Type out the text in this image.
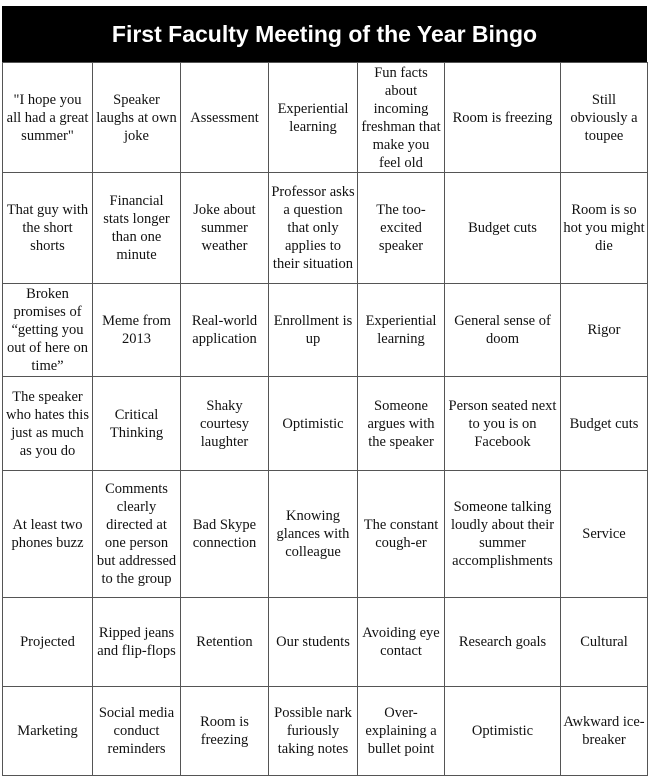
First Faculty Meeting of the Year Bingo
"I hope you all had a great summer"	Speaker laughs at own joke	Assessment	Experiential learning	Fun facts about incoming freshman that make you feel old	Room is freezing	Still obviously a toupee
That guy with the short shorts	Financial stats longer than one minute	Joke about summer weather	Professor asks a question that only applies to their situation	The too-excited speaker	Budget cuts	Room is so hot you might die
Broken promises of “getting you out of here on time”	Meme from 2013	Real-world application	Enrollment is up	Experiential learning	General sense of doom	Rigor
The speaker who hates this just as much as you do	Critical Thinking	Shaky courtesy laughter	Optimistic	Someone argues with the speaker	Person seated next to you is on Facebook	Budget cuts
At least two phones buzz	Comments clearly directed at one person but addressed to the group	Bad Skype connection	Knowing glances with colleague	The constant cough-er	Someone talking loudly about their summer accomplishments	Service
Projected	Ripped jeans and flip-flops	Retention	Our students	Avoiding eye contact	Research goals	Cultural
Marketing	Social media conduct reminders	Room is freezing	Possible nark furiously taking notes	Over-explaining a bullet point	Optimistic	Awkward ice-breaker
